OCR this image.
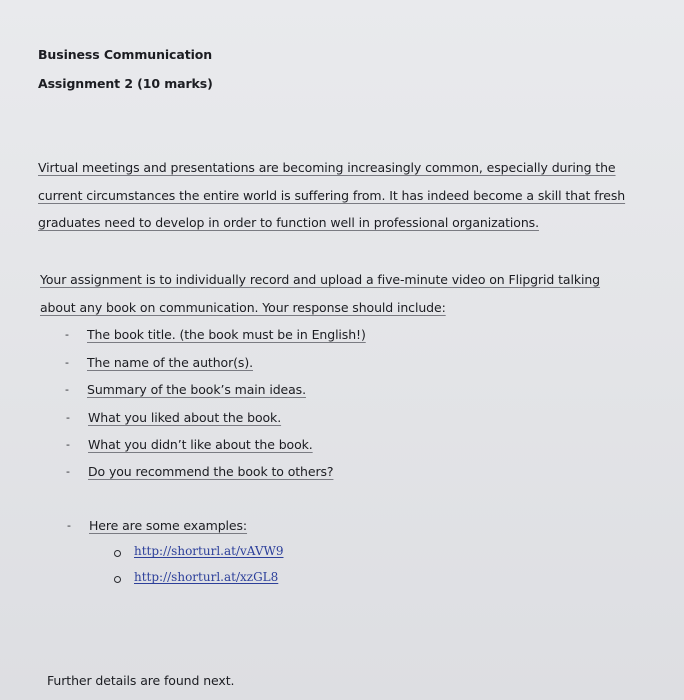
Business Communication
Assignment 2 (10 marks)
Virtual meetings and presentations are becoming increasingly common, especially during the
current circumstances the entire world is suffering from. It has indeed become a skill that fresh
graduates need to develop in order to function well in professional organizations.
Your assignment is to individually record and upload a five-minute video on Flipgrid talking
about any book on communication. Your response should include:
- The book title. (the book must be in English!)
- The name of the author(s).
- Summary of the book’s main ideas.
- What you liked about the book.
- What you didn’t like about the book.
- Do you recommend the book to others?
- Here are some examples:
http://shorturl.at/vAVW9
http://shorturl.at/xzGL8
Further details are found next.
